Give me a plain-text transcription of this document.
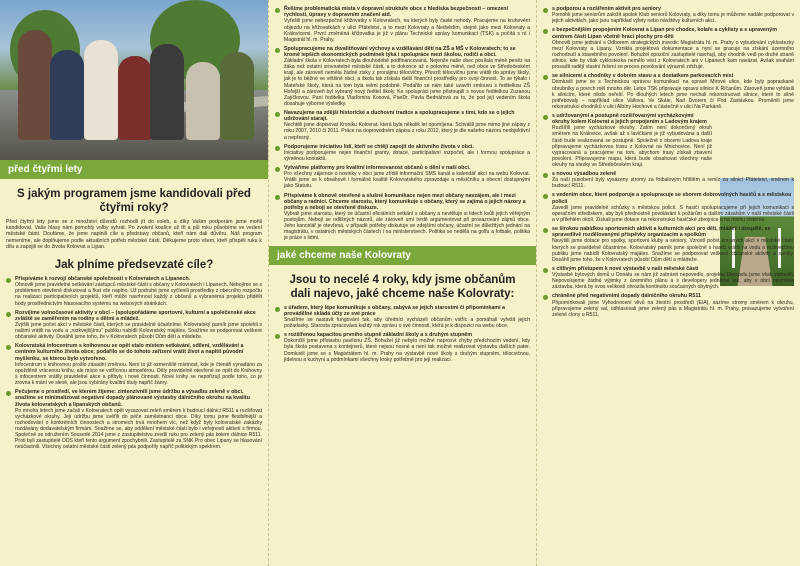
před čtyřmi lety
S jakým programem jsme kandidovali před čtyřmi roky?
Před čtyřmi lety jsme se z množství důvodů rozhodli jít do voleb, a díky Vašim podporám jsme mohli kandidovat. Vaše hlasy nám pomohly volby vyhrát. Po zvolení koalice už tři a půl roku působíme ve vedení městské části. Doufáme, že jsme naplnili cíle a představy občanů, kteří nám dali důvěru. Náš program nemeníme, ale doplňujeme podle aktuálních potřeb městské části. Děkujeme proto všem, kteří přispěli ruku k dílu a zapojili se do života Kolovrat a Lipan.
Jak plníme předsevzaté cíle?
Přispíváme k rozvoji občanské společnosti v Kolovratech a Lipanech.
Obnovili jsme pravidelné setkávání zástupců městské části s občany v Kolovratech i Lipanech. Nebojíme se s problémem otevřeně diskutovat a řkat vše naplno. Už podruhé jsme vyčlenili prostředky z obecního rozpočtu na realizaci participativních projektů, kteří může navrhnout každý z občanů a vybranéma projektu přidělit body prostřednictvím hlasovacího systému na webových stránkách.
Rozvíjíme volnočasové aktivity v obci – (spolupořádáme sportovní, kulturní a společenské akce zvláště se zaměřením na rodiny s dětmi a mládež.
Zvýšili jsme počet akcí v městské části, kterých se pravidelně účastníme. Kolovratský parník jsme spolehli s našimi vrátili na vodu a „rozkvejšíjímu" publiku nabídli Kolovratský majáles. Snažíme se podporovat veškeré občanské aktivity. Dosáhli jsme toho, že v Kolovratech působí Dům dětí a mládeže.
Kolovratská infocentrum s knihovnou se opět stalo místem setkávání, sdílení, vzdělávání a centrem kulturního života obce; podařilo se do tohoto zařízení vrátit život a napltit původní myšlenku, se kterou bylo vytvořeno.
Infocentrum s knihovnou prošlo zásadní změnou. Není to již ozmenšílé místnost, kde je čtenáři vynadáno za opožděně vrácenou knihu, ale místo se vstřícnou atmosférou. Děly pravidelně otevřené se opět do Knihovny s infocentrem vrátily pravidelné akce a přibyly i nové činnosti. Nové knihy se nepořizují podle toho, co je zrovna k mání ve slevě, ale jsou vybírány kvalitní tituly napříč žánry.
Pečujeme o prostředí, ve kterém žijeme: zintenzivnili jsme údržbu a výsadbu zeleně v obci, snažíme se minimalizovat negativní dopady plánované výstavby dálničního okruhu na kvalitu života kolovratských a lipanských občanů.
Po mnoha letech jsme začali v Kolovratech opět vysazovat zeleň směrem k budoucí dálnici R511 a rozšiřovat vycházkové okruhy. Její údržbu jsme svěřili do péče zaměstnanci obce. Díky tomu jsme flexibilnější a rozhodování o konkrétních činnostech a stromech trvá mnohem víc, než když byly kolovratské zakázky rozdávány dodavatelským firmám. Snažíme se, aby oddělení městské části bylo i veřejností aktivní s firmou. Společně se sdružením Sousedé 2014 jsme z zastupitelstvu zvedli ruku pro zelený pás kolem dálnice R511. Proti byli zastupitelé ODS kteří tento argument zpochybnili. Zastupitelé za SNK Pro obec Lipany se hlasování neúčastnili. Všechny ostatní městské části zelený pás podpořily napříč politickým spektrem.
Řešíme problematická místa v dopravní struktuře obce z hlediska bezpečnosti – omezení rychlosti, úpravy v dopravním značení atd.
Vyřešili jsme nebezpečné křižovatky v Kolovratech, na kterých byly časté nehody. Pracujeme na kruhovém objezdu na křižovatkách v ulici Přátelství, a to mezi Kolovraty a Nedvědím, stejně jako mezi Kolovraty a Královicemi. První změněná křižovatka je již v plánu Technické správy komunikací (TSK) a počítá s ní i Magistrát hl. m. Prahy.
Spolupracujeme na zkvalitňování výchovy a vzdělávání dětí na ZŠ a MŠ v Kolovratech; to se kromě lepších ekonomických podmínek týká i spolupráce mezi školou, rodiči a obcí.
Základní škola v Kolovratech byla dlouhodobě podfinancovaná. Nejenže naše obec posílala méně peněz na žáka než ostatní srovnatelné městské části, a to dokonce až o polovinu méně, než obce ve Středočeském kraji, ale zároveň neměla žádné zisky z pronájmu tělocvičny. Převzít tělocvičnu jsme vrátili do správy školy, jak je to běžné ve většině obcí, a škola tak získala další finanční prostředky pro svoji činnost. To se týkalo i Mateřské školy, která na tom byla velmi podobně. Podařilo se nám také uzavřít smlouvu s ředitelkou ZŠ Hořejší a zároveň byl vybraný nový ředitel školy. Ke spolupráci jsme přistoupili s novou ředitelkou Zuzanou Zajíčkovou. Paní ředitelka Vlaďomíra Kosová, PaeDr. Pavla Bednářová za to, že pod její vedením škola dosahuje výborné výsledky.
Navazujeme na zdější historické a duchovní tradice a spolupracujeme s tímí, kdo se o jejich udržování starají.
Nechtěli jsme dopisovat Kroniku Kolovrat, která byla několik let opomíjena. Schválili jsme mimo jiné zápisy z roku 2007, 2010 či 2011. Práce na doprovodném zápisu z roku 2012, který je dle našeho názoru neobjektivní a nepřesný.
Podporujeme iniciativu lidí, kteří se chtějí zapojit do aktivního života v obci.
Iniciativy podporujeme nejen finanční granty, dotace, participativní rozpočet, ale i formou spolupráce a výměnou kontaktů.
Vytváříme platformy pro kvalitní informovanost občanů o dění v naší obci.
Pro všechny zájemce o novinky v obci jsme zřídili informační SMS kanál a kalendář akcí na webu Kolovrat. Vrátili jsme se k obsahově i formálně kvalitě Kolovratského zpravodaje a měsíčníku a obecní dostupnými jako Statutu.
Přispíváme k obnově otevřené a slušné komunikace nejen mezi občany navzájem, ale i mezi občany a radnicí. Chceme starostu, který komunikuje s občany, který se zajímá o jejich názory a potřeby a nebojí se otevřeně diskuze.
Vybrali jsme starostu, který se účastní oficiálních setkání s občany a nevtěluje si lidech kvůli jejich věřejným postojům. Nebojí se odlišných názorů, ale zároveň umí tvrdě argumentovat při prosazování zájmů obce. Jeho kancelář je otevřená, v případě potřeby diskutuje se zdejšími občany, účastní se důležitých jednání na magistrátu, v ostatních městských částech i na ministerstvech. Politika se nedělá na golfu a fotbale, politika je práce s lidmi.
jaké chceme naše Kolovraty
Jsou to necelé 4 roky, kdy jsme občanům dali najevo, jaké chceme naše Kolovraty:
s úřadem, který lépe komunikuje s občany, zabývá se jejich starostmi či připomínkami a provádělné skládá účty ze své práce
Snažíme se nastavit fungování tak, aby úředníci vycházeli občanům vstříc a pomáhali vyřešit jejich požadavky. Starosta zpracovává každý rok zprávu o své činnosti, která je k dispozici na webu obce.
s rozšířenou kapacitou prvního stupně základní školy a s druhým stupněm
Dokončili jsme přístavbu pavilonu ZŠ. Bohužel již nebylo možné naprosvt chyby předchozím vedení, kdy byla škola postavena s kontejnerů, které nejsou nosné a není tak možné realizovat výstavbu dalších pater. Domluvili jsme se s Magistrátem hl. m. Prahy na výstavbě nové školy s druhým stupněm, tělocvičnou, jídelnou a kuchyní a podmínkami všechny kroky potřebné pro její realizaci.
s podporou a rozšířením aktivit pro seniory
Pomohli jsme seniorům založit spolek Klub seniorů Kolovraty, a díky tomu je můžeme nadále podporovat v jejich aktivitách, jako jsou například výlety nebo návštěvy kulturních akcí.
s bezpečnějším propojením Kolovrat a Lipan pro chodce, kolaře a cyklisty a s upraveným centrem části Lipan včetně hrací plochy pro děti
Obnovili jsme jednání s Odborem strategických investic Magistrátu hl. m. Prahy o vybudování cyklostezky mezi Kolovraty a Lipany. Vznikla projektová dokumentace a nyní se pracuje na získání územního rozhodnutí a stavebního povolení. Bohužel opoziční zastupitelé navrhují, aby chodník vedl po druhé straně silnice, kde by však cyklostezka nemělo vést z Kolovratech ani v Lipanech kam navázat. Avšak snahám prosadit radějí vlastní řešení se proces povolování výrazně zdržuje.
se silnicemi a chodníky v dobrém stavu a s dostatkem parkovacích míst
Domluvili jsme se s Technickou správou komunikací na opravě Mirové ulice, kde byly popraskané obrubníky a povrch měl mnoho děr. Letos TSK připravuje opravu silnice K Říčanům. Zároveň jsme vyhlásili k silnicím, které nikdo neřeší. Po dlouhých letech jsme nechali rekonstruovat silnice, které to silně potřebovaly – například ulice Vallova, Ve Skále, Nad Dvorem či Pod Zastávkou. Proměnili jsme rekonstrukci chodníků v ulici Albíny Hochové a částečně v ulici Na Parkáně.
s udržovanými a postupně rozšiřovanými vycházkovými okruhy kolem Kolovrat a jejich propojením s Ladovým krajem
Rozšířili jsme vycházkové okruhy. Zatím není dokončený okruh směrem na Královice, avšak až s lavičkami je již vybudována a další části bude realizovaná se postupně. Společně s obcemi Ladova kraje připravujeme vycházkovou trasu z Kolovrat na Mnichovice. Není již vypracovaná a pracujeme na tom, abychom trasy získali zbavení povolení. Připravujeme mapu, která bude obsahovat všechny naše okruhy na stezky ve Středočeském kraji.
s novou výsadbou zeleně
Za naši pusobení byly vysázeny stromy za fotbalovým hřištěm a remíz za silnicí Přátelství, směrem k budoucí R511.
s vedením obce, které podporuje a spolupracuje se sborem dobrovolných hasičů a s městskou policií
Zavedli jsme pravidelné schůzky s městskou policií. S hasiči spolupracujeme při jejich komunikaci s operačním střediskem, aby byli přednostně povoláváni k požárům a dalším zásahům v naší městské části a v přilehlém okolí. Získali jsme dotace na rekonstrukci hasičské zbrojnice a na novou cisternu.
se širokou nabídkou sportovních aktivit a kulturních akcí pro děti, mládež i dospělé, se spravedlivě rozdělovanými příspěvky organizacím a spolkům
Navýšili jsme dotace pro spolky, sportovní kluby a seniory. Vzrostl počet konaných akcí v městské části, kterých se pravidelně účastníme. Kolovratský parník jsme společně s hasiči vrátili na vodu a rozkvejšímu publiku jsme nabídli Kolovratský majáles. Snažíme se podporovat veškeré občanské aktivity a spolky. Dosáhli jsme toho, že v Kolovratech působí Dům dětí a mládeže.
s citlivým přístupem k nové výstavbě v naší městské části
Výstavbě bytových domů u Donátu se nám již zabránit nepovedlo, projektu Ekospolu jsme však zamezili. Nepovolujeme žádné výjimky z územního plánu a s developery jednáme tak, aby v obci nevznikla zástavba, která by svou velikostí ohrozila kontinuitu současných obytných.
chráněné před negativními dopady dálničního okruhu R511
Připomínkovali jsme Vyhodnocení vlivů na životní prostředí (EIA), sázíme stromy směrem k okruhu, připravujeme zelený val, odhlasovali jsme zelený pás a Magistrátu hl. m. Prahy, prosazujeme vytvoření zelené clony u R511.
